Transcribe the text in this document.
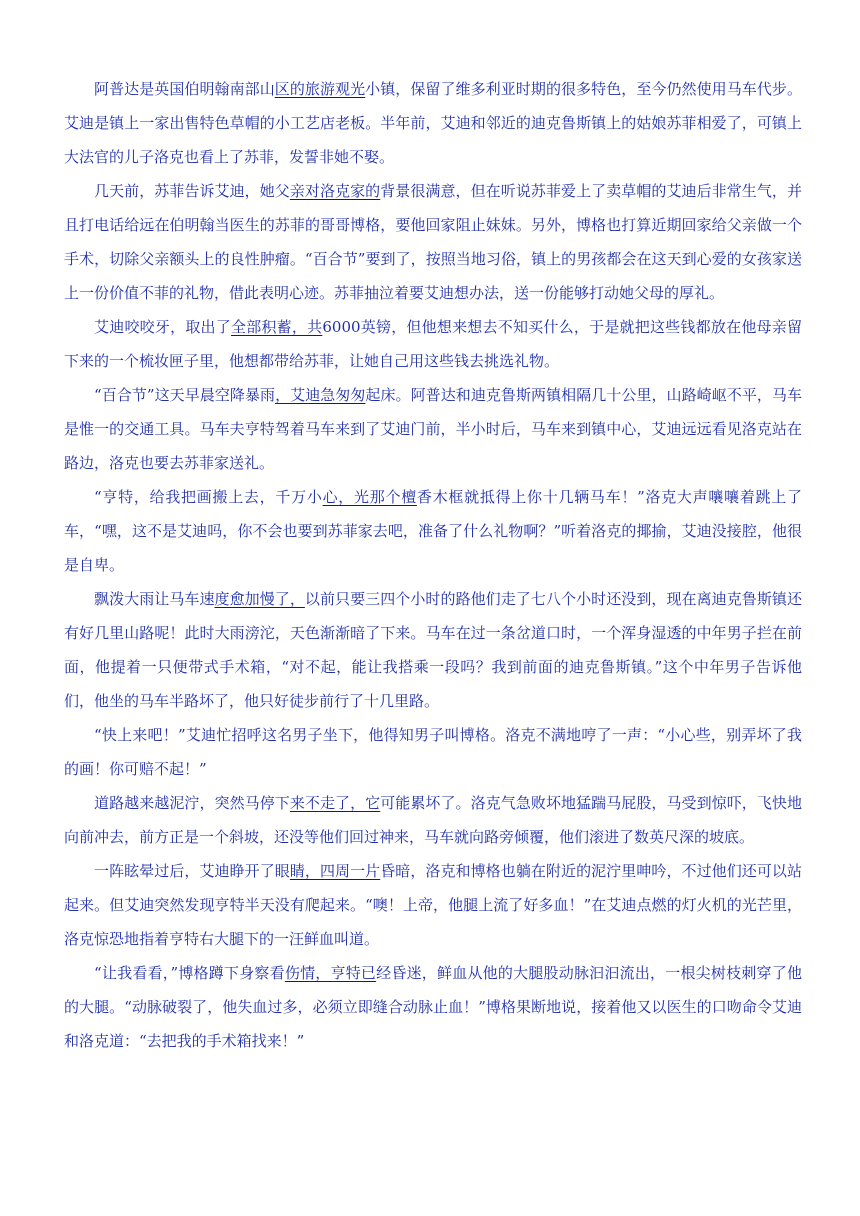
阿普达是英国伯明翰南部山区的旅游观光小镇，保留了维多利亚时期的很多特色，至今仍然使用马车代步。艾迪是镇上一家出售特色草帽的小工艺店老板。半年前，艾迪和邻近的迪克鲁斯镇上的姑娘苏菲相爱了，可镇上大法官的儿子洛克也看上了苏菲，发誓非她不娶。

几天前，苏菲告诉艾迪，她父亲对洛克家的背景很满意，但在听说苏菲爱上了卖草帽的艾迪后非常生气，并且打电话给远在伯明翰当医生的苏菲的哥哥博格，要他回家阻止妹妹。另外，博格也打算近期回家给父亲做一个手术，切除父亲额头上的良性肿瘤。“百合节”要到了，按照当地习俗，镇上的男孩都会在这天到心爱的女孩家送上一份价值不菲的礼物，借此表明心迹。苏菲抽泣着要艾迪想办法，送一份能够打动她父母的厚礼。

艾迪咬咬牙，取出了全部积蓄，共6000英镑，但他想来想去不知买什么，于是就把这些钱都放在他母亲留下来的一个梳妆匣子里，他想都带给苏菲，让她自己用这些钱去挑选礼物。

“百合节”这天早晨空降暴雨，艾迪急匆匆起床。阿普达和迪克鲁斯两镇相隔几十公里，山路崎岖不平，马车是惟一的交通工具。马车夫亨特驾着马车来到了艾迪门前，半小时后，马车来到镇中心，艾迪远远看见洛克站在路边，洛克也要去苏菲家送礼。

“亨特，给我把画搬上去，千万小心，光那个檀香木框就抵得上你十几辆马车！”洛克大声嚷嚷着跳上了车，“嘿，这不是艾迪吗，你不会也要到苏菲家去吧，准备了什么礼物啊？”听着洛克的揶揄，艾迪没接腔，他很是自卑。

飘泼大雨让马车速度愈加慢了，以前只要三四个小时的路他们走了七八个小时还没到，现在离迪克鲁斯镇还有好几里山路呢！此时大雨滂沱，天色渐渐暗了下来。马车在过一条岔道口时，一个浑身湿透的中年男子拦在前面，他提着一只便带式手术箱，“对不起，能让我搭乘一段吗？我到前面的迪克鲁斯镇。”这个中年男子告诉他们，他坐的马车半路坏了，他只好徒步前行了十几里路。

“快上来吧！”艾迪忙招呼这名男子坐下，他得知男子叫博格。洛克不满地哼了一声：“小心些，别弄坏了我的画！你可赔不起！”

道路越来越泥泞，突然马停下来不走了，它可能累坏了。洛克气急败坏地猛踹马屁股，马受到惊吓，飞快地向前冲去，前方正是一个斜坡，还没等他们回过神来，马车就向路旁倾覆，他们滚进了数英尺深的坡底。

一阵眩晕过后，艾迪睁开了眼睛，四周一片昏暗，洛克和博格也躺在附近的泥泞里呻吟，不过他们还可以站起来。但艾迪突然发现亨特半天没有爬起来。“噢！上帝，他腿上流了好多血！”在艾迪点燃的灯火机的光芒里，洛克惊恐地指着亨特右大腿下的一汪鲜血叫道。

“让我看看，”博格蹲下身察看伤情，亨特已经昏迷，鲜血从他的大腿股动脉汩汩流出，一根尖树枝刺穿了他的大腿。“动脉破裂了，他失血过多，必须立即缝合动脉止血！”博格果断地说，接着他又以医生的口吻命令艾迪和洛克道：“去把我的手术箱找来！”
